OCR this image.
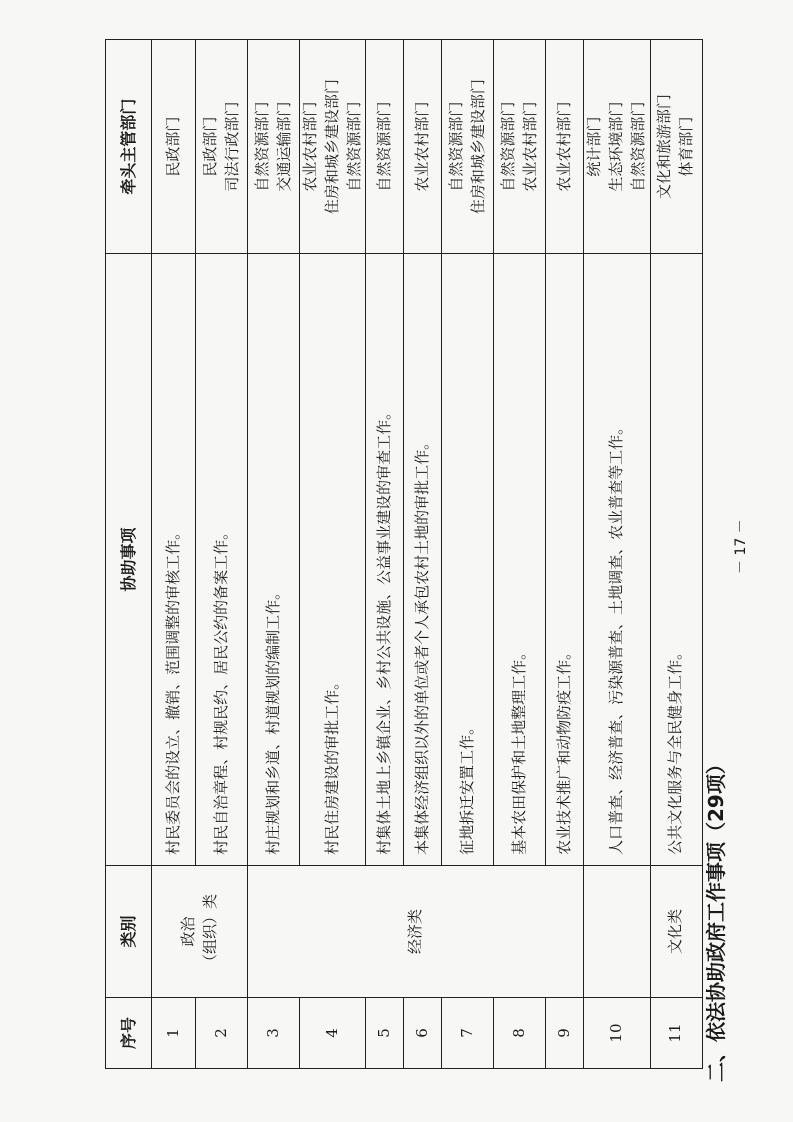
二、依法协助政府工作事项（29项）
序号	类别	协助事项	牵头主管部门
1	政治 （组织）类	村民委员会的设立、撤销、范围调整的审核工作。	民政部门

2		村民自治章程、村规民约、居民公约的备案工作。	民政部门 司法行政部门

3	经济类	村庄规划和乡道、村道规划的编制工作。	自然资源部门 交通运输部门

4		村民住房建设的审批工作。	农业农村部门 住房和城乡建设部门 自然资源部门

5		村集体土地上乡镇企业、乡村公共设施、公益事业建设的审查工作。	自然资源部门

6		本集体经济组织以外的单位或者个人承包农村土地的审批工作。	农业农村部门

7		征地拆迁安置工作。	自然资源部门 住房和城乡建设部门

8		基本农田保护和土地整理工作。	自然资源部门 农业农村部门

9		农业技术推广和动物防疫工作。	农业农村部门

10		人口普查、经济普查、污染源普查、土地调查、农业普查等工作。	统计部门 生态环境部门 自然资源部门

11	文化类	公共文化服务与全民健身工作。	文化和旅游部门 体育部门
－ 17 －
